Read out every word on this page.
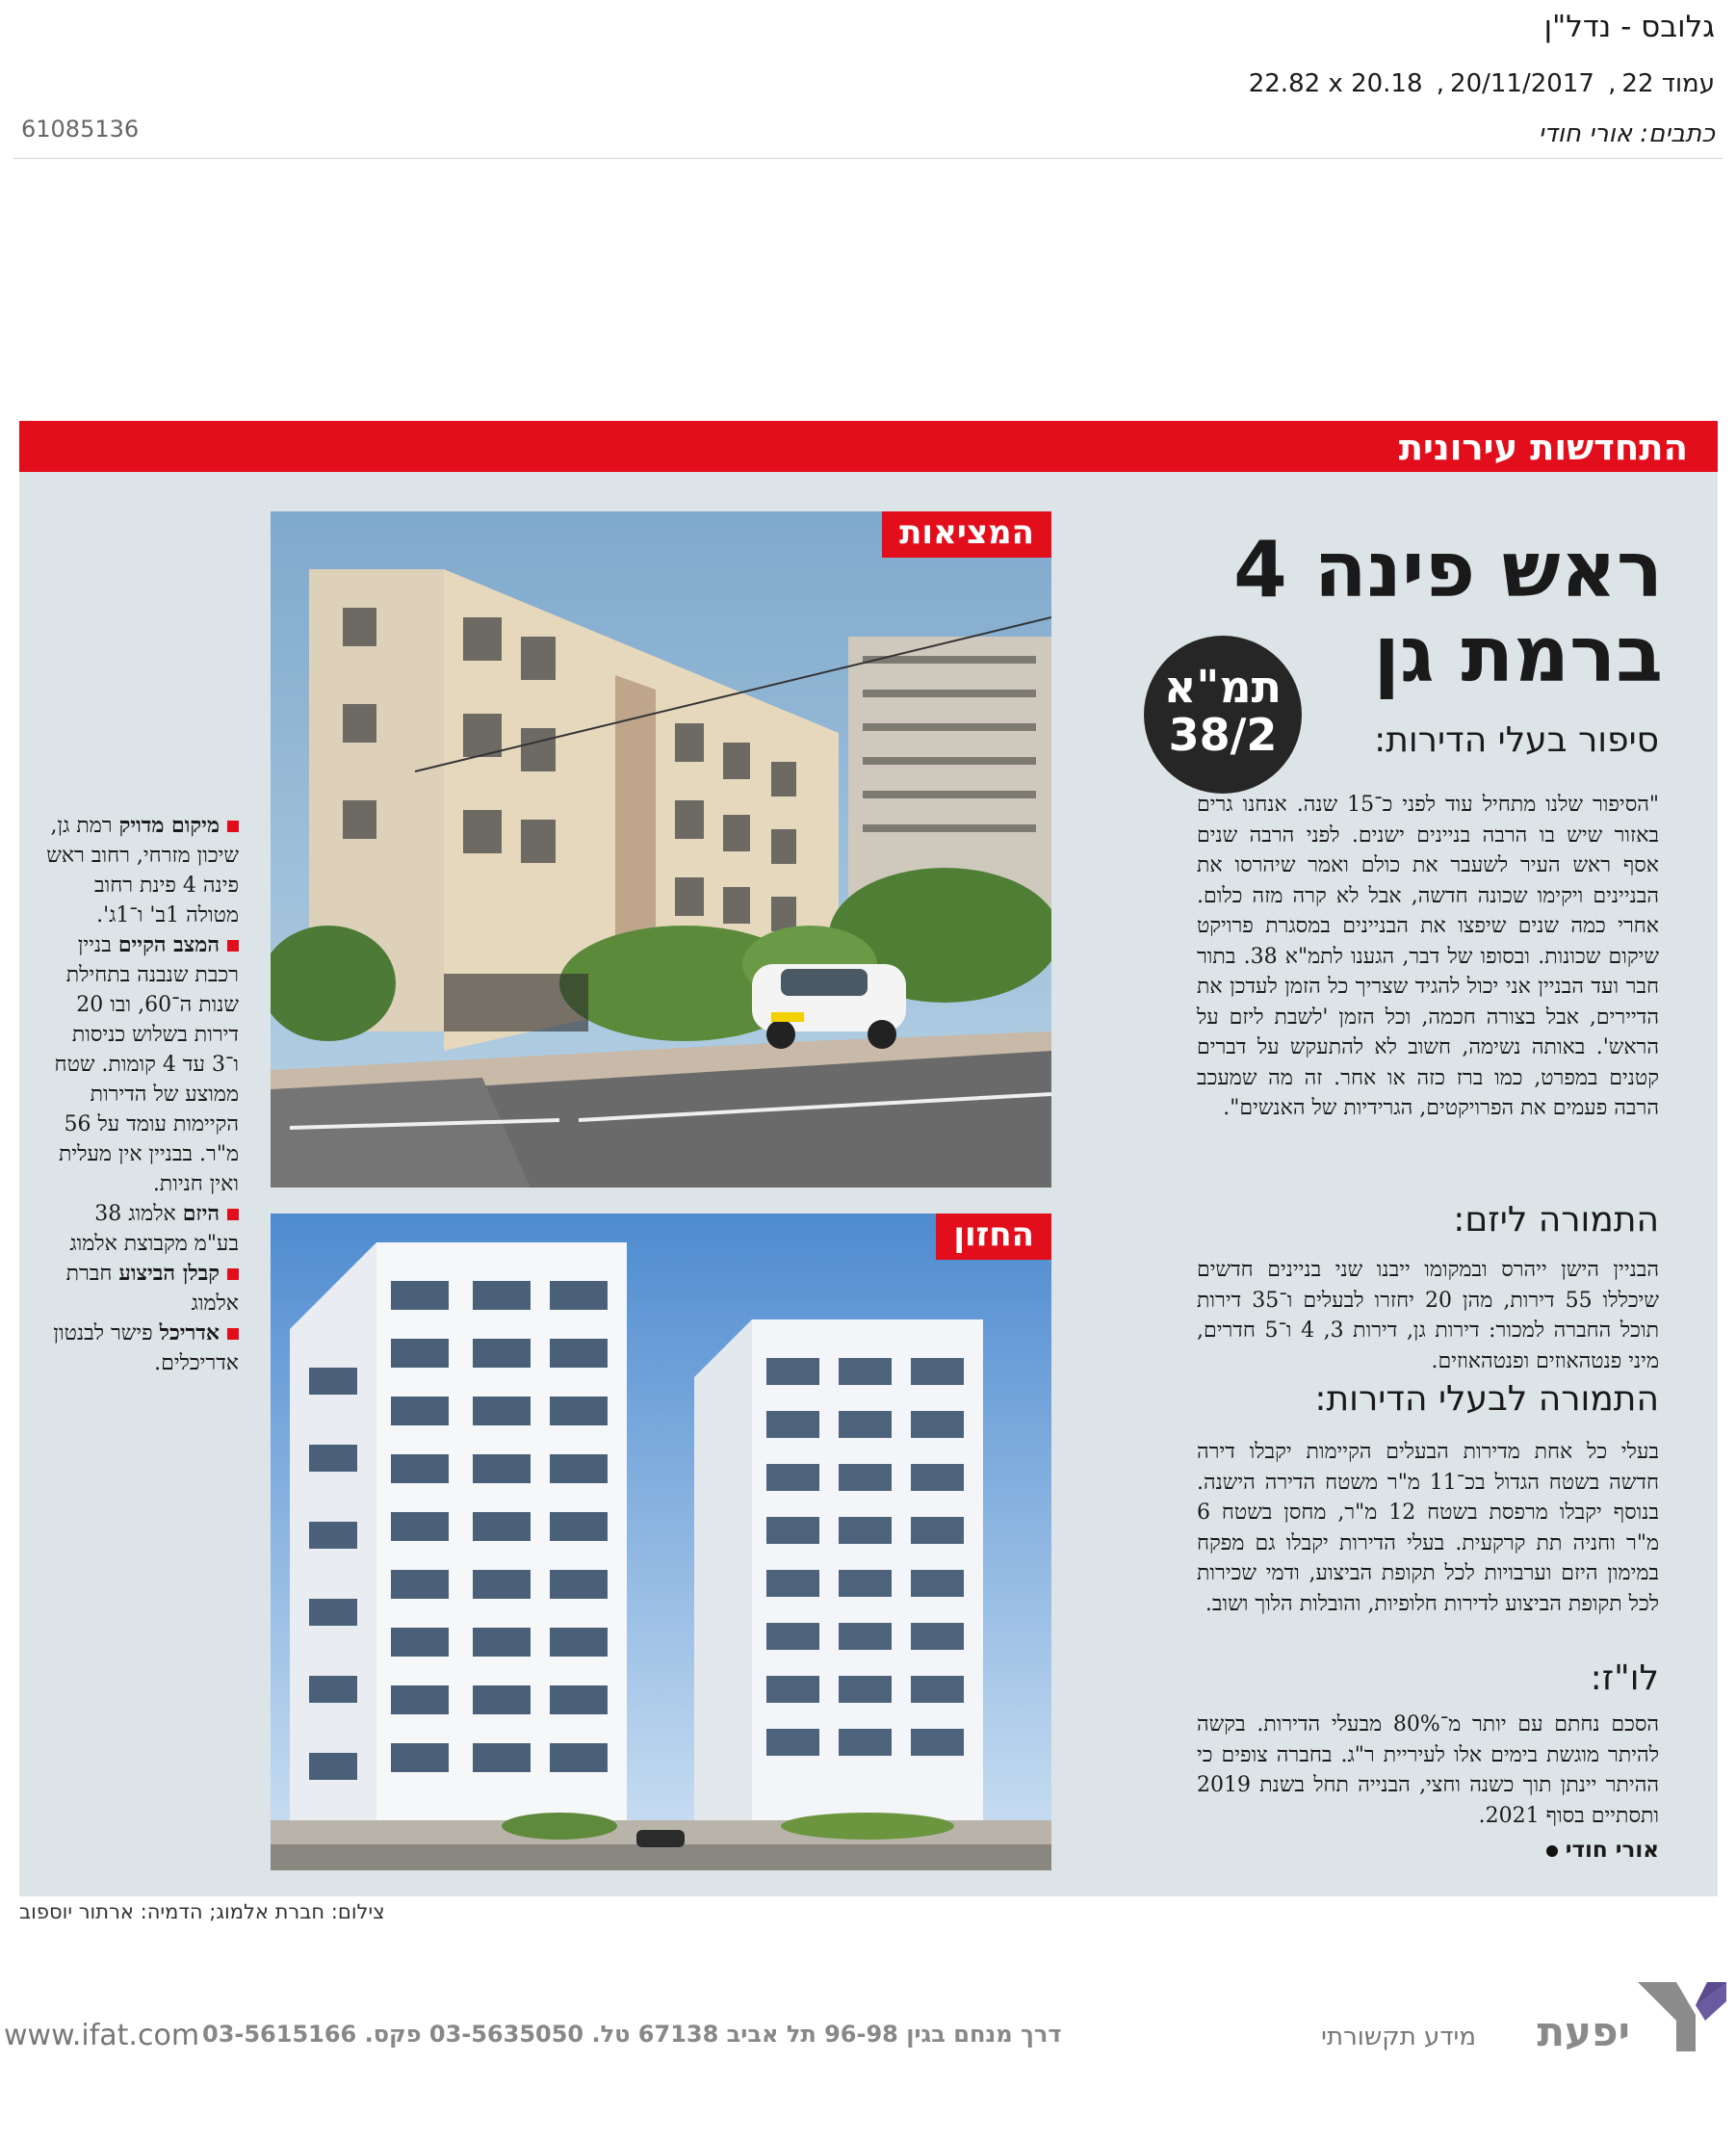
גלובס - נדל"ן
עמוד 22, 20/11/2017, 22.82 x 20.18
61085136	כתבים: אורי חודי
התחדשות עירונית
המציאות
החזון
ראש פינה 4
ברמת גן
תמ"א
38/2	סיפור בעלי הדירות:
"הסיפור שלנו מתחיל עוד לפני כ־15 שנה. אנחנו גרים באזור שיש בו הרבה בניינים ישנים. לפני הרבה שנים אסף ראש העיר לשעבר את כולם ואמר שיהרסו את הבניינים ויקימו שכונה חדשה, אבל לא קרה מזה כלום. אחרי כמה שנים שיפצו את הבניינים במסגרת פרויקט שיקום שכונות. ובסופו של דבר, הגענו לתמ"א 38. בתור חבר ועד הבניין אני יכול להגיד שצריך כל הזמן לעדכן את הדיירים, אבל בצורה חכמה, וכל הזמן 'לשבת ליזם על הראש'. באותה נשימה, חשוב לא להתעקש על דברים קטנים במפרט, כמו ברז כזה או אחר. זה מה שמעכב הרבה פעמים את הפרויקטים, הגרידיות של האנשים".
התמורה ליזם:
הבניין הישן ייהרס ובמקומו ייבנו שני בניינים חדשים שיכללו 55 דירות, מהן 20 יחזרו לבעלים ו־35 דירות תוכל החברה למכור: דירות גן, דירות 3, 4 ו־5 חדרים, מיני פנטהאוזים ופנטהאוזים.
התמורה לבעלי הדירות:
בעלי כל אחת מדירות הבעלים הקיימות יקבלו דירה חדשה בשטח הגדול בכ־11 מ"ר משטח הדירה הישנה. בנוסף יקבלו מרפסת בשטח 12 מ"ר, מחסן בשטח 6 מ"ר וחניה תת קרקעית. בעלי הדירות יקבלו גם מפקח במימון היזם וערבויות לכל תקופת הביצוע, ודמי שכירות לכל תקופת הביצוע לדירות חלופיות, והובלות הלוך ושוב.
לו"ז:
הסכם נחתם עם יותר מ־80% מבעלי הדירות. בקשה להיתר מוגשת בימים אלו לעיריית ר"ג. בחברה צופים כי ההיתר יינתן תוך כשנה וחצי, הבנייה תחל בשנת 2019 ותסתיים בסוף 2021.
אורי חודי

מיקום מדויק רמת גן, שיכון מזרחי, רחוב ראש פינה 4 פינת רחוב מטולה 1ב' ו־1ג'.

המצב הקיים בניין רכבת שנבנה בתחילת שנות ה־60, ובו 20 דירות בשלוש כניסות ו־3 עד 4 קומות. שטח ממוצע של הדירות הקיימות עומד על 56 מ"ר. בבניין אין מעלית ואין חניות.

היזם אלמוג 38 בע"מ מקבוצת אלמוג

קבלן הביצוע חברת אלמוג

אדריכל פישר לבנטון אדריכלים.

צילום: חברת אלמוג; הדמיה: ארתור יוספוב
www.ifat.com דרך מנחם בגין 96-98 תל אביב 67138 טל. 03-5635050 פקס. 03-5615166	מידע תקשורתי יפעת
